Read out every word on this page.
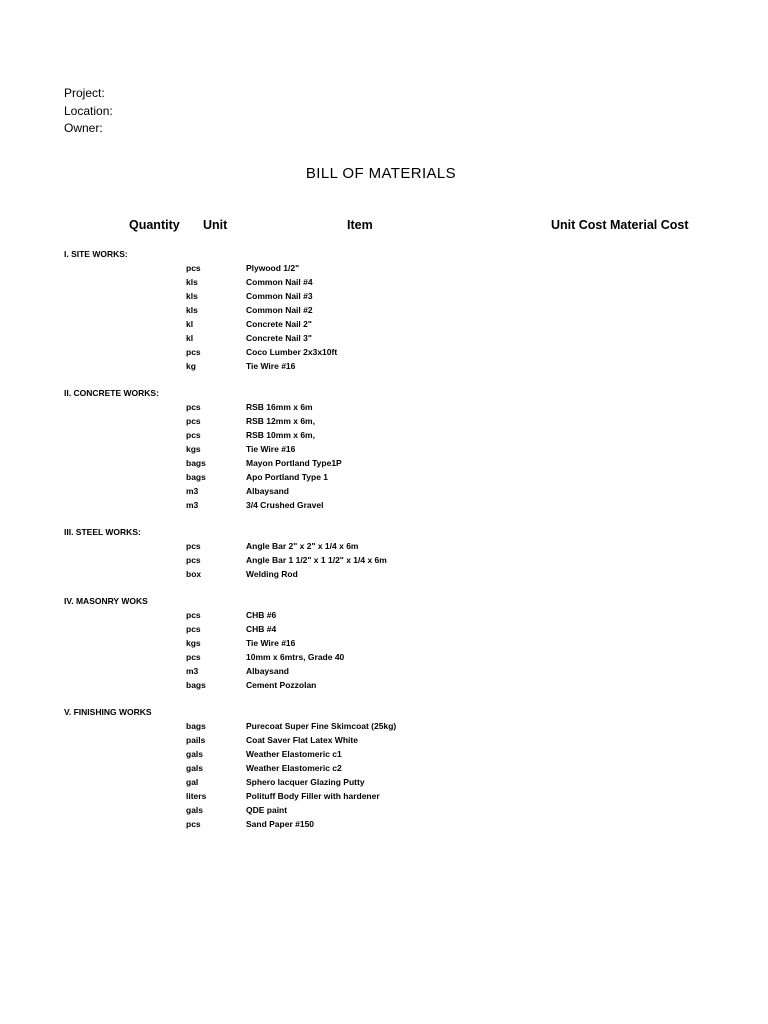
Project:
Location:
Owner:
BILL OF MATERIALS
Quantity Unit	Item	Unit Cost Material Cost
I. SITE WORKS:
pcs	Plywood 1/2"
kls	Common Nail #4
kls	Common Nail #3
kls	Common Nail #2
kl	Concrete Nail 2"
kl	Concrete Nail 3"
pcs	Coco Lumber 2x3x10ft
kg	Tie Wire #16
II. CONCRETE WORKS:
pcs	RSB 16mm x 6m
pcs	RSB 12mm x 6m,
pcs	RSB 10mm x 6m,
kgs	Tie Wire #16
bags	Mayon Portland Type1P
bags	Apo Portland Type 1
m3	Albaysand
m3	3/4 Crushed Gravel
III. STEEL WORKS:
pcs	Angle Bar 2" x 2" x 1/4 x 6m
pcs	Angle Bar 1 1/2" x 1 1/2" x 1/4 x 6m
box	Welding Rod
IV. MASONRY WOKS
pcs	CHB #6
pcs	CHB #4
kgs	Tie Wire #16
pcs	10mm x 6mtrs, Grade 40
m3	Albaysand
bags	Cement Pozzolan
V. FINISHING WORKS
bags	Purecoat Super Fine Skimcoat (25kg)
pails	Coat Saver Flat Latex White
gals	Weather Elastomeric c1
gals	Weather Elastomeric c2
gal	Sphero lacquer Glazing Putty
liters	Polituff Body Filler with hardener
gals	QDE paint
pcs	Sand Paper #150
